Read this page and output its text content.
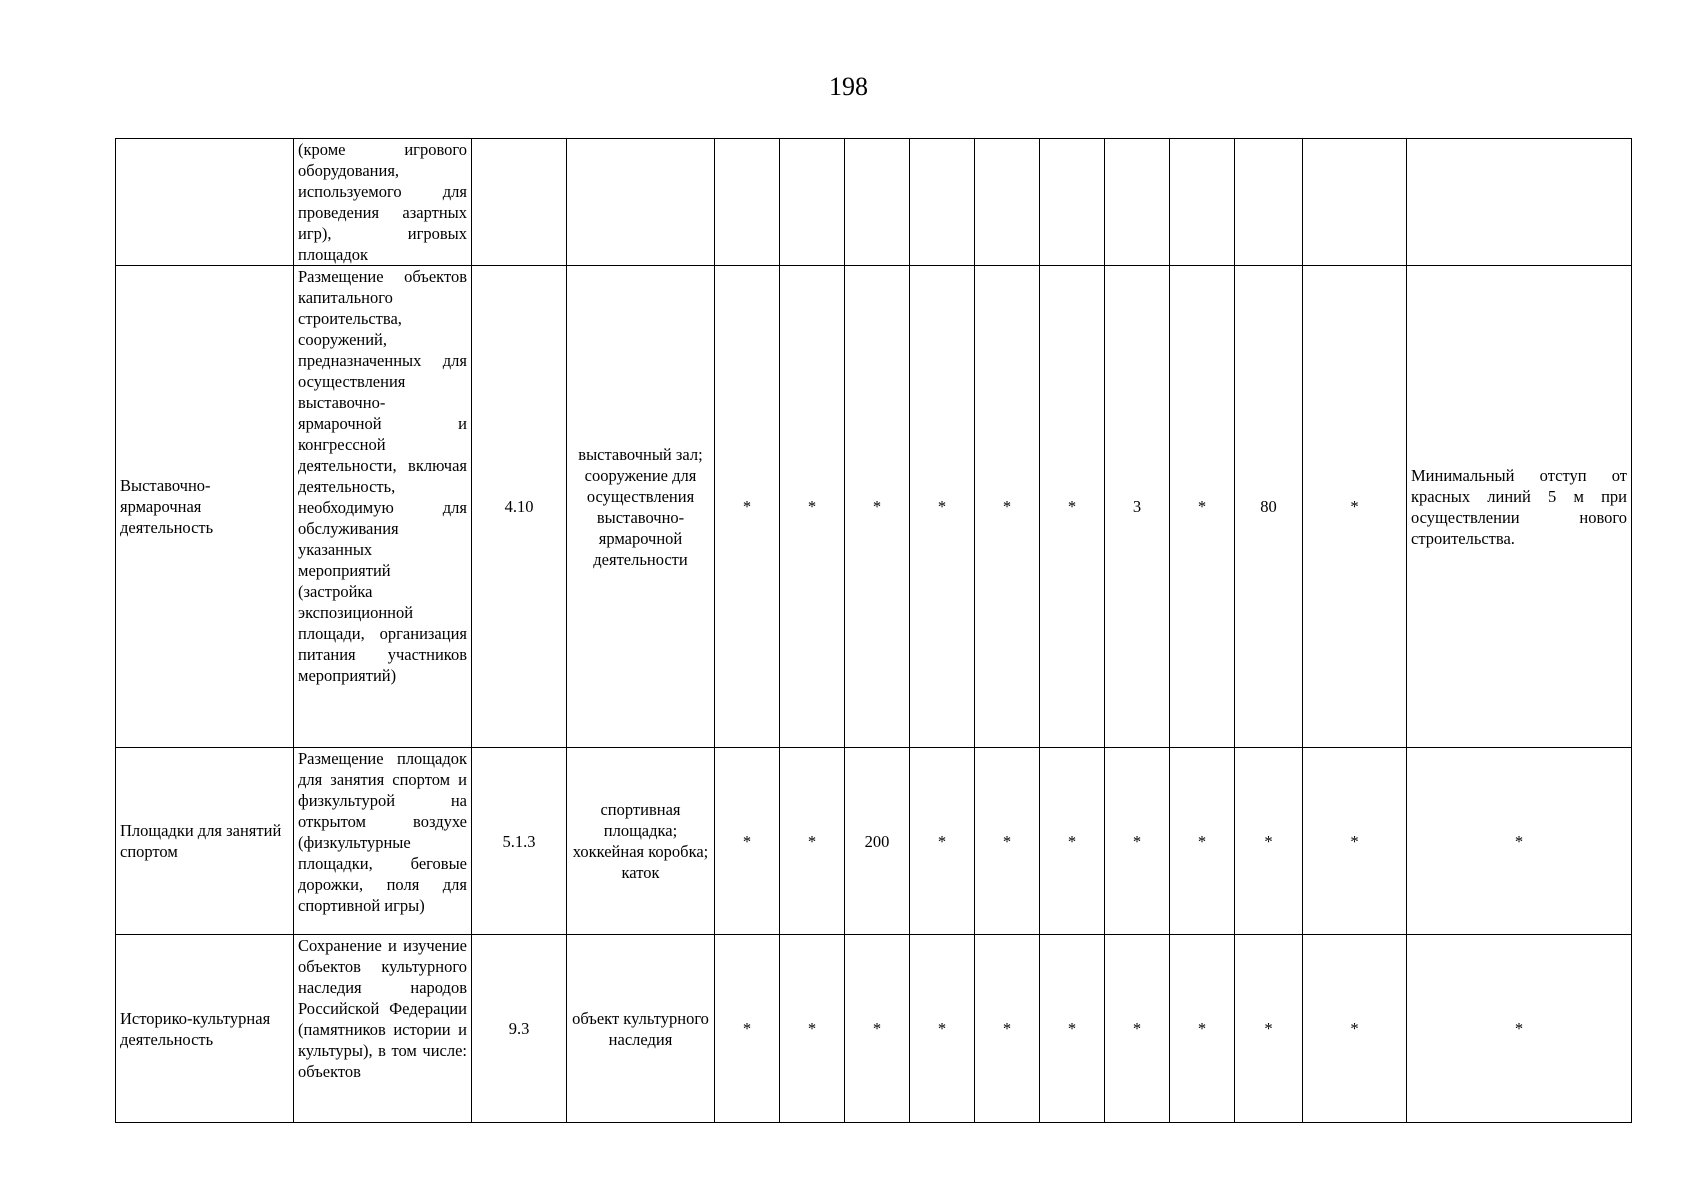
198
	(кроме игрового оборудования, используемого для проведения азартных игр), игровых площадок													
Выставочно-ярмарочная деятельность	Размещение объектов капитального строительства, сооружений, предназначенных для осуществления выставочно-ярмарочной и конгрессной деятельности, включая деятельность, необходимую для обслуживания указанных мероприятий (застройка экспозиционной площади, организация питания участников мероприятий)	4.10	выставочный зал; сооружение для осуществления выставочно-ярмарочной деятельности	*	*	*	*	*	*	3	*	80	*	Минимальный отступ от красных линий 5 м при осуществлении нового строительства.
Площадки для занятий спортом	Размещение площадок для занятия спортом и физкультурой на открытом воздухе (физкультурные площадки, беговые дорожки, поля для спортивной игры)	5.1.3	спортивная площадка; хоккейная коробка; каток	*	*	200	*	*	*	*	*	*	*	*
Историко-культурная деятельность	Сохранение и изучение объектов культурного наследия народов Российской Федерации (памятников истории и культуры), в том числе: объектов	9.3	объект культурного наследия	*	*	*	*	*	*	*	*	*	*	*
